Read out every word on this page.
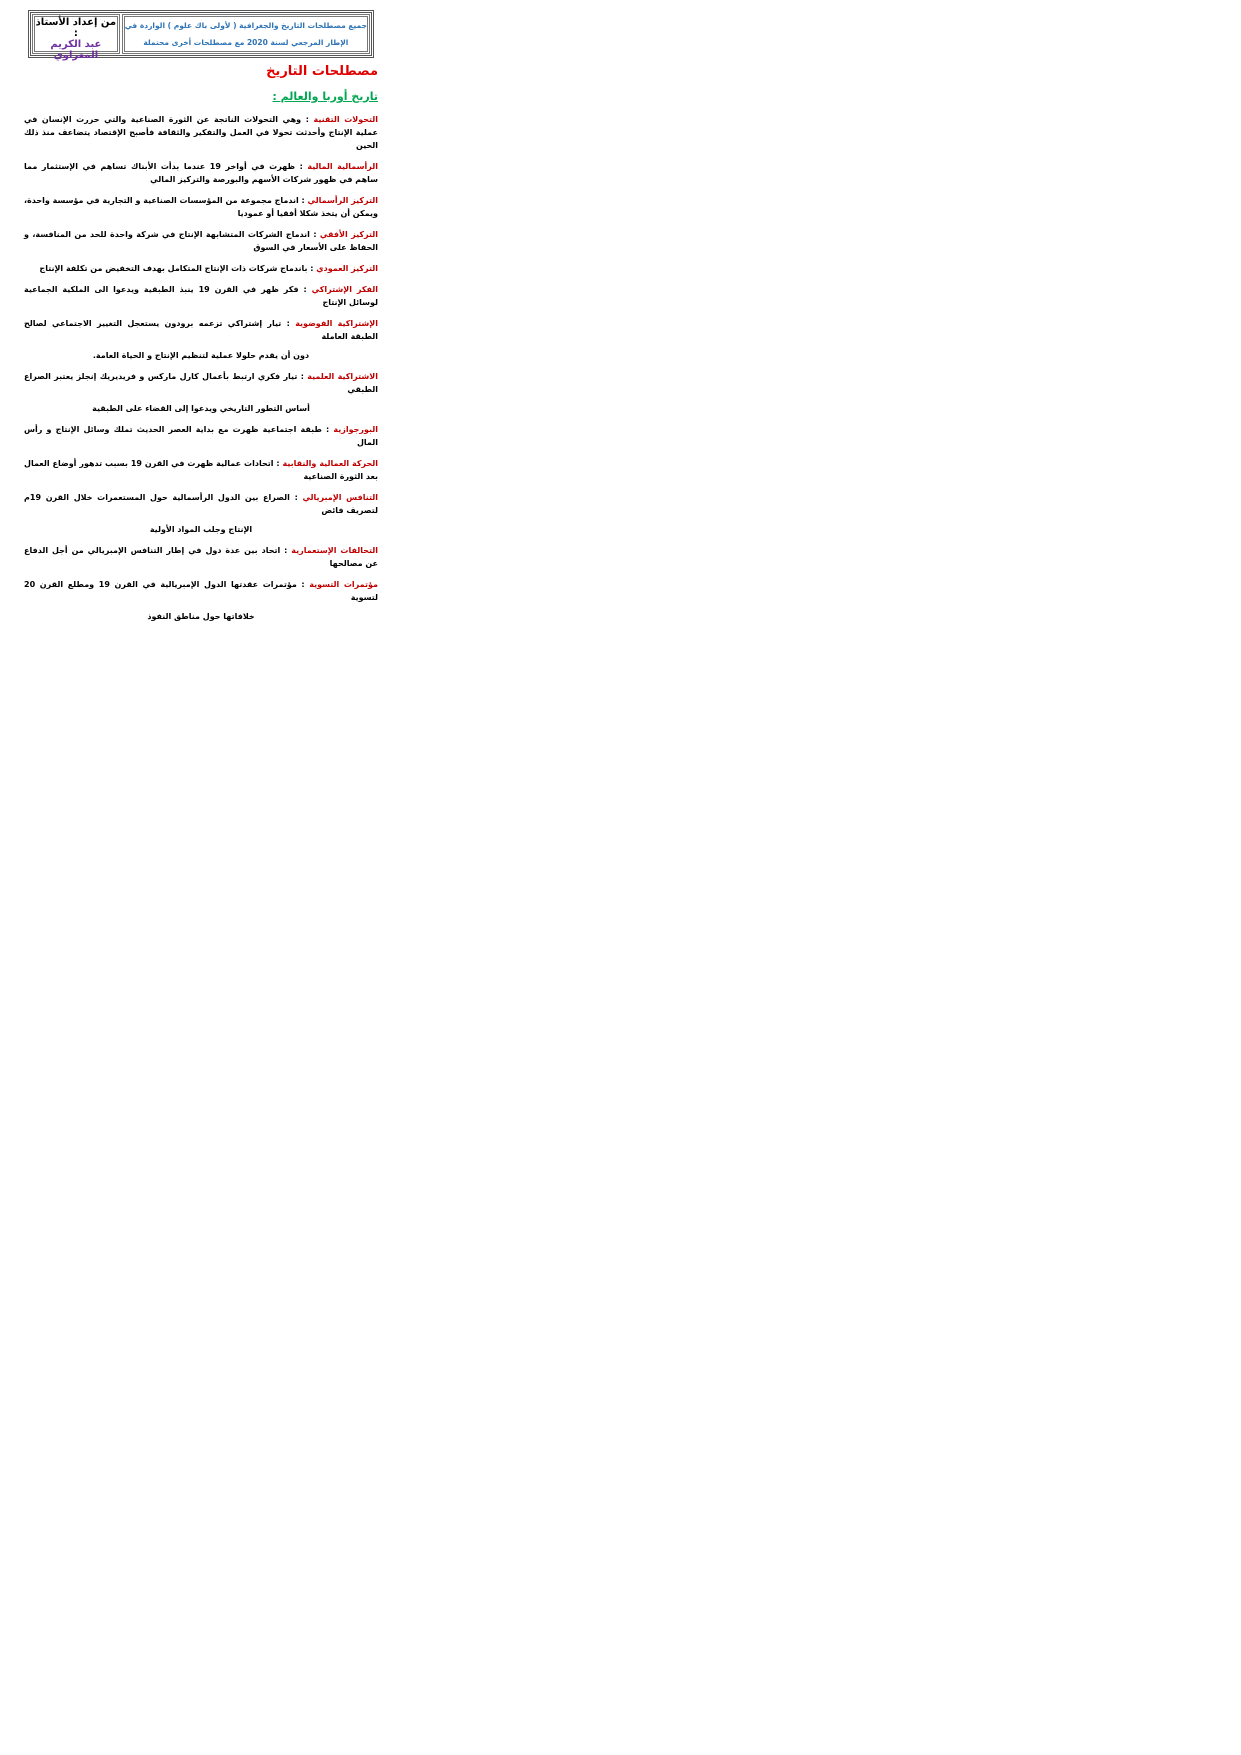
من إعداد الأستاذ :
عبد الكريم المغراوي
جميع مصطلحات التاريخ والجغرافية ( لأولى باك علوم ) الواردة في
الإطار المرجعي لسنة 2020 مع مصطلحات أخرى محتملة
مصطلحات التاريخ
تاريخ أوربا والعالم :
التحولات التقنية : وهي التحولات الناتجة عن الثورة الصناعية والتي حررت الإنسان في عملية الإنتاج وأحدثت تحولا في العمل والتفكير والثقافة فأصبح الإقتصاد يتضاعف منذ ذلك الحين
الرأسمالية المالية : ظهرت في أواخر 19 عندما بدأت الأبناك تساهم في الإستثمار مما ساهم في ظهور شركات الأسهم والبورصة والتركيز المالي
التركيز الرأسمالي : اندماج مجموعة من المؤسسات الصناعية و التجارية في مؤسسة واحدة، ويمكن أن يتخذ شكلا أفقيا أو عموديا
التركيز الأفقي : اندماج الشركات المتشابهة الإنتاج في شركة واحدة للحد من المنافسة، و الحفاظ على الأسعار في السوق
التركيز العمودي : باندماج شركات ذات الإنتاج المتكامل بهدف التخفيض من تكلفة الإنتاج
الفكر الإشتراكي : فكر ظهر في القرن 19 ينبذ الطبقية ويدعوا الى الملكية الجماعية لوسائل الإنتاج
الإشتراكية الفوضوية : تيار إشتراكي تزعمه برودون يستعجل التغيير الاجتماعي لصالح الطبقة العاملة
دون أن يقدم حلولا عملية لتنظيم الإنتاج و الحياة العامة.
الاشتراكية العلمية : تيار فكري ارتبط بأعمال كارل ماركس و فريديريك إنجلز يعتبر الصراع الطبقي
أساس التطور التاريخي ويدعوا إلى القضاء على الطبقية
البورجوازية : طبقة اجتماعية ظهرت مع بداية العصر الحديث تملك وسائل الإنتاج و رأس المال
الحركة العمالية والنقابية : اتحادات عمالية ظهرت في القرن 19 بسبب تدهور أوضاع العمال بعد الثورة الصناعية
التنافس الإمبريالي : الصراع بين الدول الرأسمالية حول المستعمرات خلال القرن 19م لتصريف فائض
الإنتاج وجلب المواد الأولية
التحالفات الإستعمارية : اتحاد بين عدة دول في إطار التنافس الإمبريالي من أجل الدفاع عن مصالحها
مؤتمرات التسوية : مؤتمرات عقدتها الدول الإمبريالية في القرن 19 ومطلع القرن 20 لتسوية
خلافاتها حول مناطق النفوذ
